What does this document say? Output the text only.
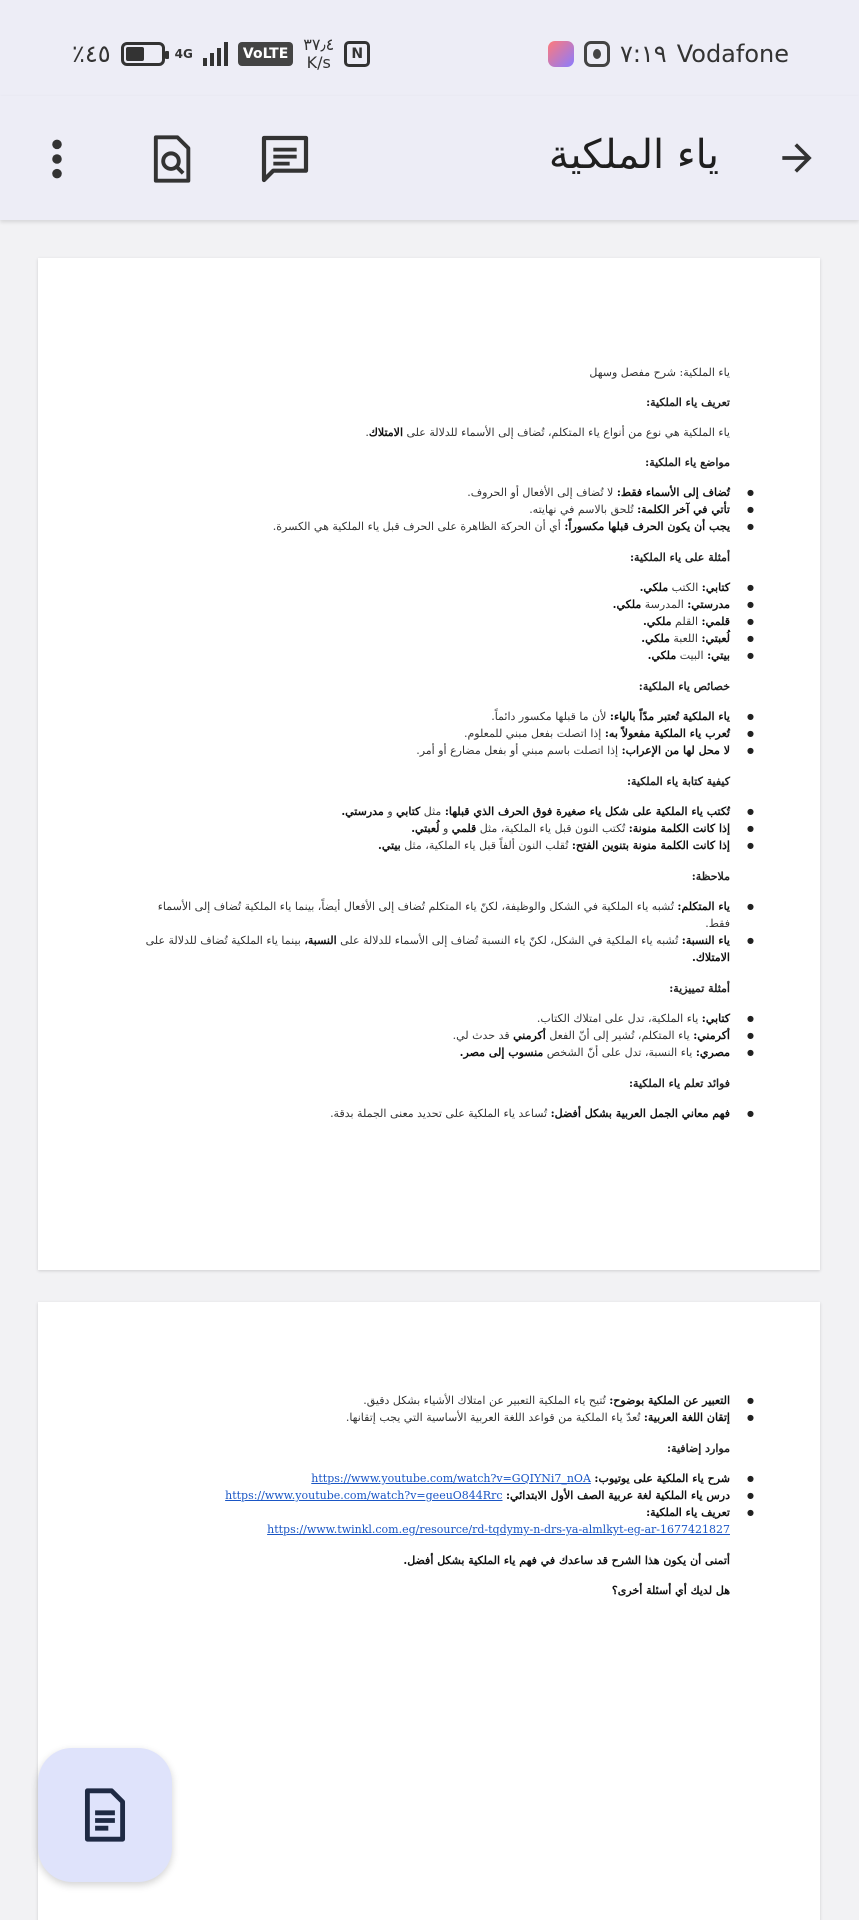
٪٤٥	4G	VoLTE ٣٧٫٤
K/s	N	٧:١٩ Vodafone
ياء الملكية

ياء الملكية: شرح مفصل وسهل

تعريف ياء الملكية:

ياء الملكية هي نوع من أنواع ياء المتكلم، تُضاف إلى الأسماء للدلالة على الامتلاك.

مواضع ياء الملكية:
● تُضاف إلى الأسماء فقط: لا تُضاف إلى الأفعال أو الحروف.
● تأتي في آخر الكلمة: تُلحق بالاسم في نهايته.
● يجب أن يكون الحرف قبلها مكسوراً: أي أن الحركة الظاهرة على الحرف قبل ياء الملكية هي الكسرة.
أمثلة على ياء الملكية:
● كتابي: الكتب ملكي.
● مدرستي: المدرسة ملكي.
● قلمي: القلم ملكي.
● لُعبتي: اللعبة ملكي.
● بيتي: البيت ملكي.
خصائص ياء الملكية:
● ياء الملكية تُعتبر مدّاً بالياء: لأن ما قبلها مكسور دائماً.
● تُعرب ياء الملكية مفعولاً به: إذا اتصلت بفعل مبني للمعلوم.
● لا محل لها من الإعراب: إذا اتصلت باسم مبني أو بفعل مضارع أو أمر.
كيفية كتابة ياء الملكية:
● تُكتب ياء الملكية على شكل ياء صغيرة فوق الحرف الذي قبلها: مثل كتابي و مدرستي.
● إذا كانت الكلمة منونة: تُكتب النون قبل ياء الملكية، مثل قلمي و لُعبتي.
● إذا كانت الكلمة منونة بتنوين الفتح: تُقلب النون ألفاً قبل ياء الملكية، مثل بيتي.
ملاحظة:
● ياء المتكلم: تُشبه ياء الملكية في الشكل والوظيفة، لكنّ ياء المتكلم تُضاف إلى الأفعال أيضاً، بينما ياء الملكية تُضاف إلى الأسماء فقط.
● ياء النسبة: تُشبه ياء الملكية في الشكل، لكنّ ياء النسبة تُضاف إلى الأسماء للدلالة على النسبة، بينما ياء الملكية تُضاف للدلالة على الامتلاك.
أمثلة تمييزية:
● كتابي: ياء الملكية، تدل على امتلاك الكتاب.
● أكرمني: ياء المتكلم، تُشير إلى أنّ الفعل أكرمني قد حدث لي.
● مصري: ياء النسبة، تدل على أنّ الشخص منسوب إلى مصر.
فوائد تعلم ياء الملكية:
● فهم معاني الجمل العربية بشكل أفضل: تُساعد ياء الملكية على تحديد معنى الجملة بدقة.
● التعبير عن الملكية بوضوح: تُتيح ياء الملكية التعبير عن امتلاك الأشياء بشكل دقيق.
● إتقان اللغة العربية: تُعدّ ياء الملكية من قواعد اللغة العربية الأساسية التي يجب إتقانها.
موارد إضافية:
● شرح ياء الملكية على يوتيوب: https://www.youtube.com/watch?v=GQIYNi7_nOA
● درس ياء الملكية لغة عربية الصف الأول الابتدائي: https://www.youtube.com/watch?v=geeuO844Rrc
● تعريف ياء الملكية:
https://www.twinkl.com.eg/resource/rd-tqdymy-n-drs-ya-almlkyt-eg-ar-1677421827

أتمنى أن يكون هذا الشرح قد ساعدك في فهم ياء الملكية بشكل أفضل.

هل لديك أي أسئلة أخرى؟
